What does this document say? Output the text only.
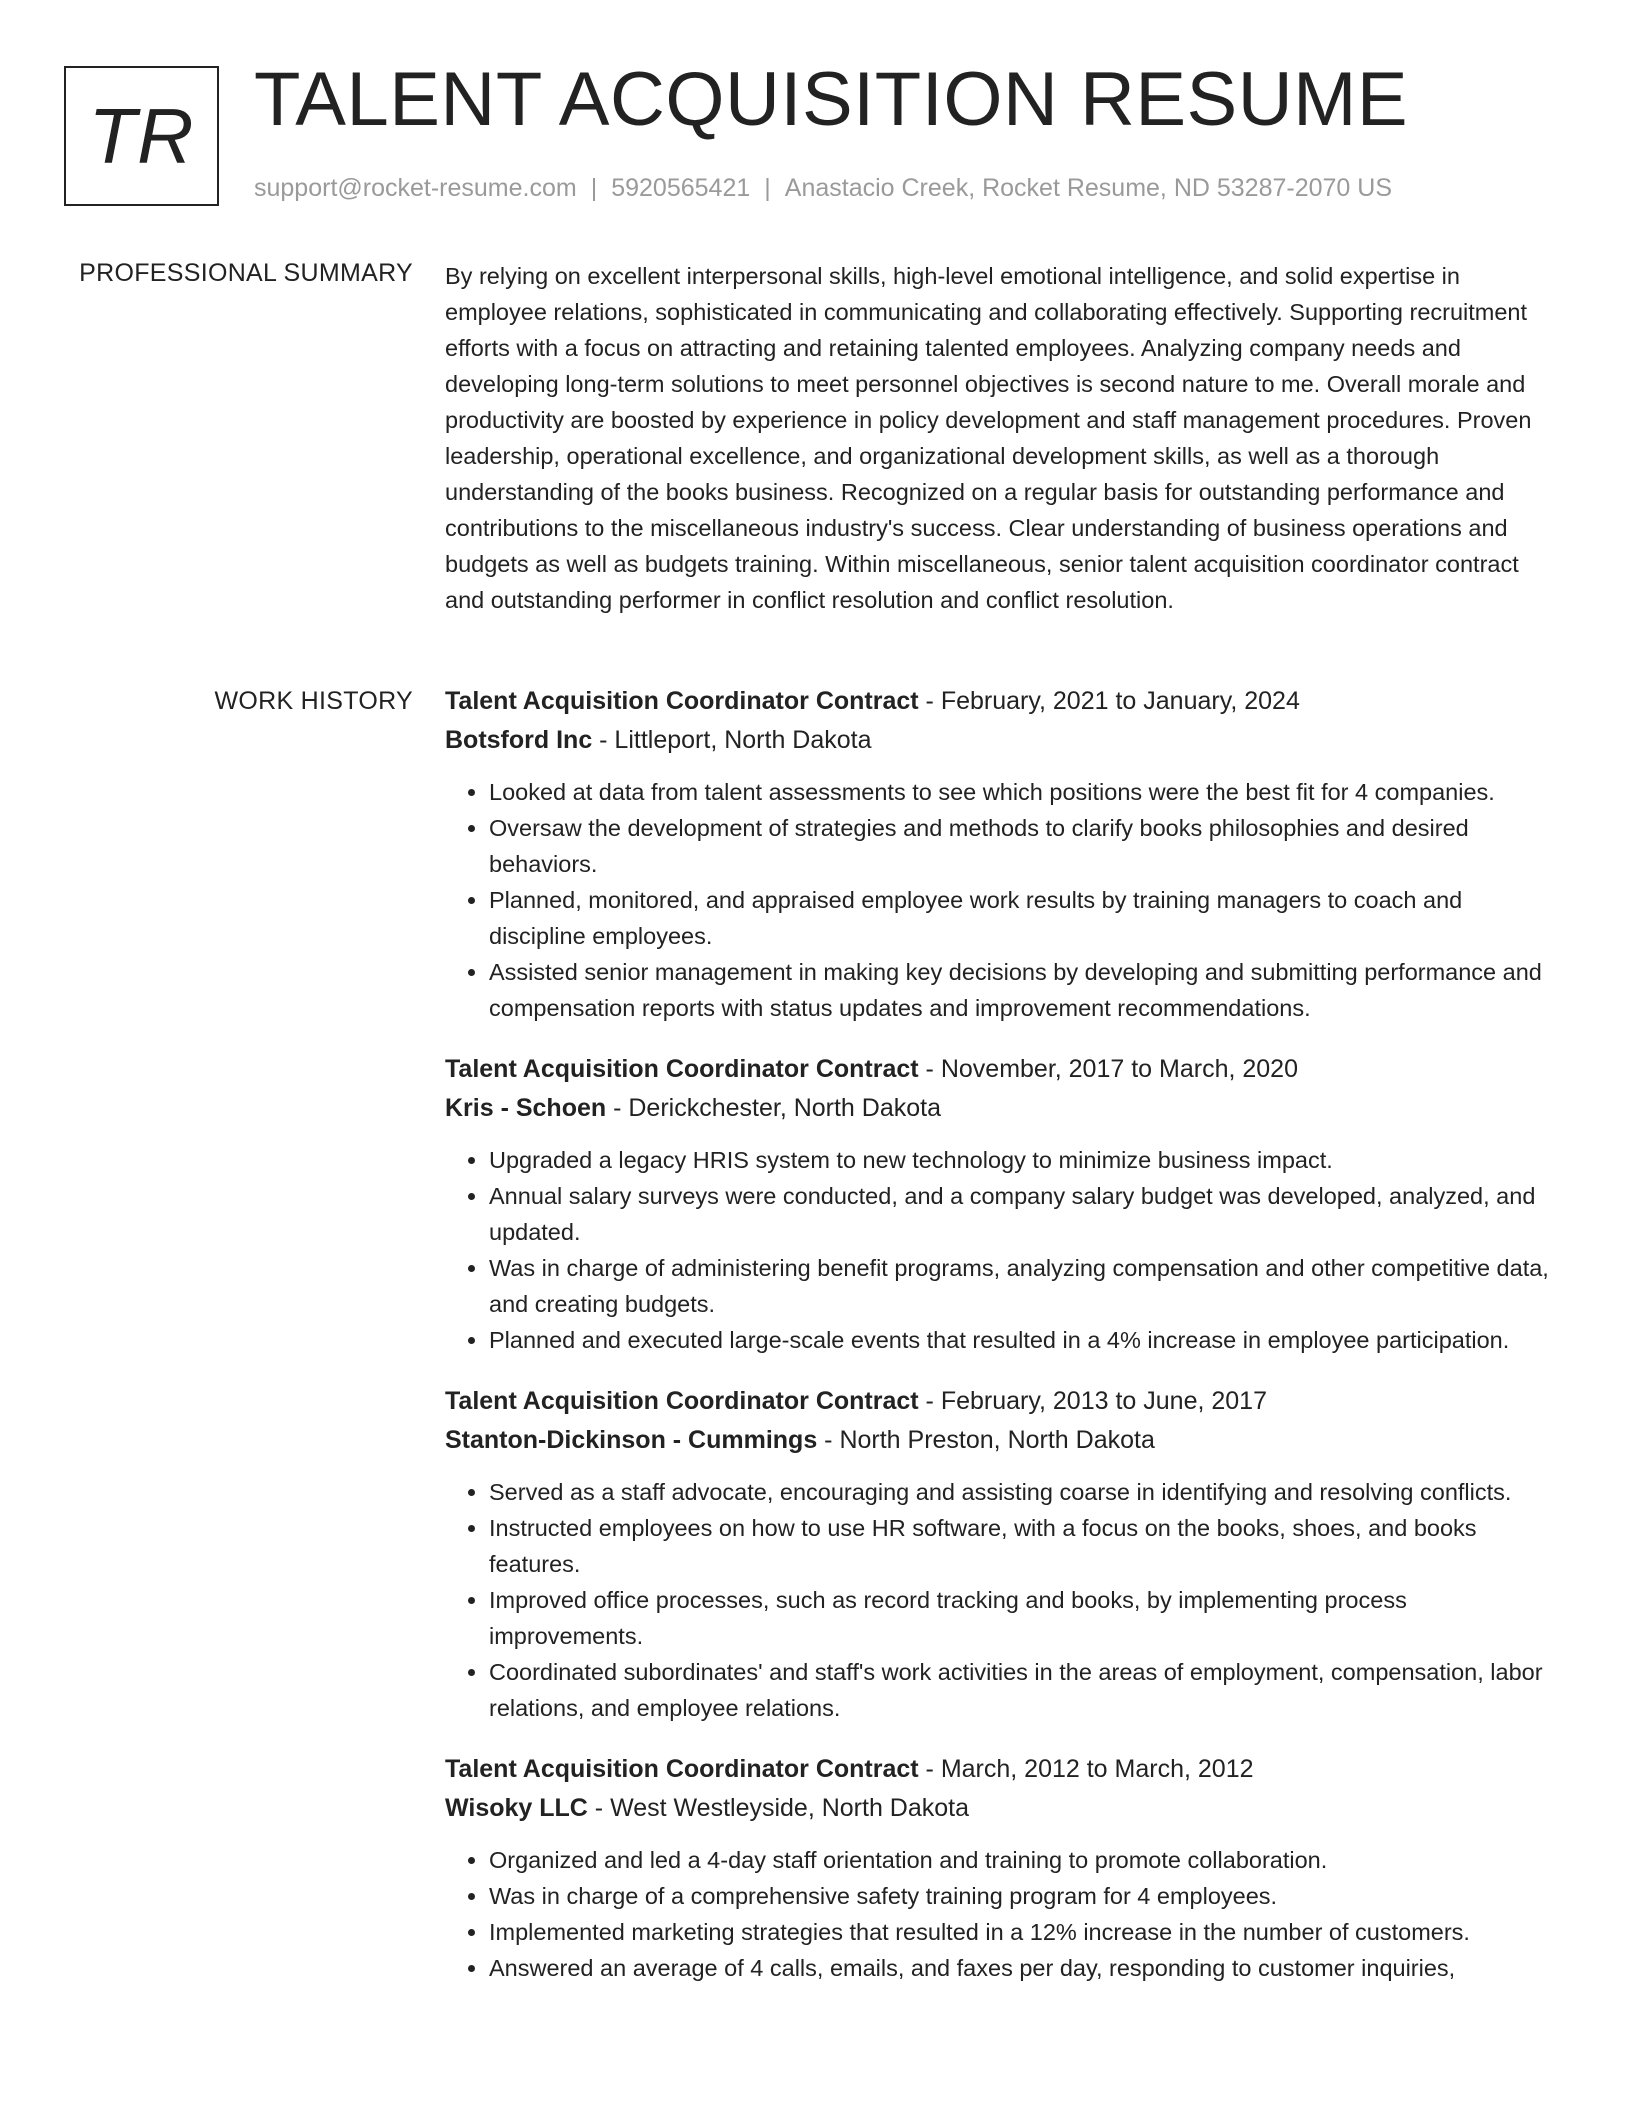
TR TALENT ACQUISITION RESUME
support@rocket-resume.com | 5920565421 | Anastacio Creek, Rocket Resume, ND 53287-2070 US
PROFESSIONAL SUMMARY By relying on excellent interpersonal skills, high-level emotional intelligence, and solid expertise in employee relations, sophisticated in communicating and collaborating effectively. Supporting recruitment efforts with a focus on attracting and retaining talented employees. Analyzing company needs and developing long-term solutions to meet personnel objectives is second nature to me. Overall morale and productivity are boosted by experience in policy development and staff management procedures. Proven leadership, operational excellence, and organizational development skills, as well as a thorough understanding of the books business. Recognized on a regular basis for outstanding performance and contributions to the miscellaneous industry's success. Clear understanding of business operations and budgets as well as budgets training. Within miscellaneous, senior talent acquisition coordinator contract and outstanding performer in conflict resolution and conflict resolution.

WORK HISTORY Talent Acquisition Coordinator Contract - February, 2021 to January, 2024
Botsford Inc - Littleport, North Dakota
• Looked at data from talent assessments to see which positions were the best fit for 4 companies.
• Oversaw the development of strategies and methods to clarify books philosophies and desired behaviors.
• Planned, monitored, and appraised employee work results by training managers to coach and discipline employees.
• Assisted senior management in making key decisions by developing and submitting performance and compensation reports with status updates and improvement recommendations.
Talent Acquisition Coordinator Contract - November, 2017 to March, 2020
Kris - Schoen - Derickchester, North Dakota
• Upgraded a legacy HRIS system to new technology to minimize business impact.
• Annual salary surveys were conducted, and a company salary budget was developed, analyzed, and updated.
• Was in charge of administering benefit programs, analyzing compensation and other competitive data, and creating budgets.
• Planned and executed large-scale events that resulted in a 4% increase in employee participation.
Talent Acquisition Coordinator Contract - February, 2013 to June, 2017
Stanton-Dickinson - Cummings - North Preston, North Dakota
• Served as a staff advocate, encouraging and assisting coarse in identifying and resolving conflicts.
• Instructed employees on how to use HR software, with a focus on the books, shoes, and books features.
• Improved office processes, such as record tracking and books, by implementing process improvements.
• Coordinated subordinates' and staff's work activities in the areas of employment, compensation, labor relations, and employee relations.
Talent Acquisition Coordinator Contract - March, 2012 to March, 2012
Wisoky LLC - West Westleyside, North Dakota
• Organized and led a 4-day staff orientation and training to promote collaboration.
• Was in charge of a comprehensive safety training program for 4 employees.
• Implemented marketing strategies that resulted in a 12% increase in the number of customers.
• Answered an average of 4 calls, emails, and faxes per day, responding to customer inquiries,
